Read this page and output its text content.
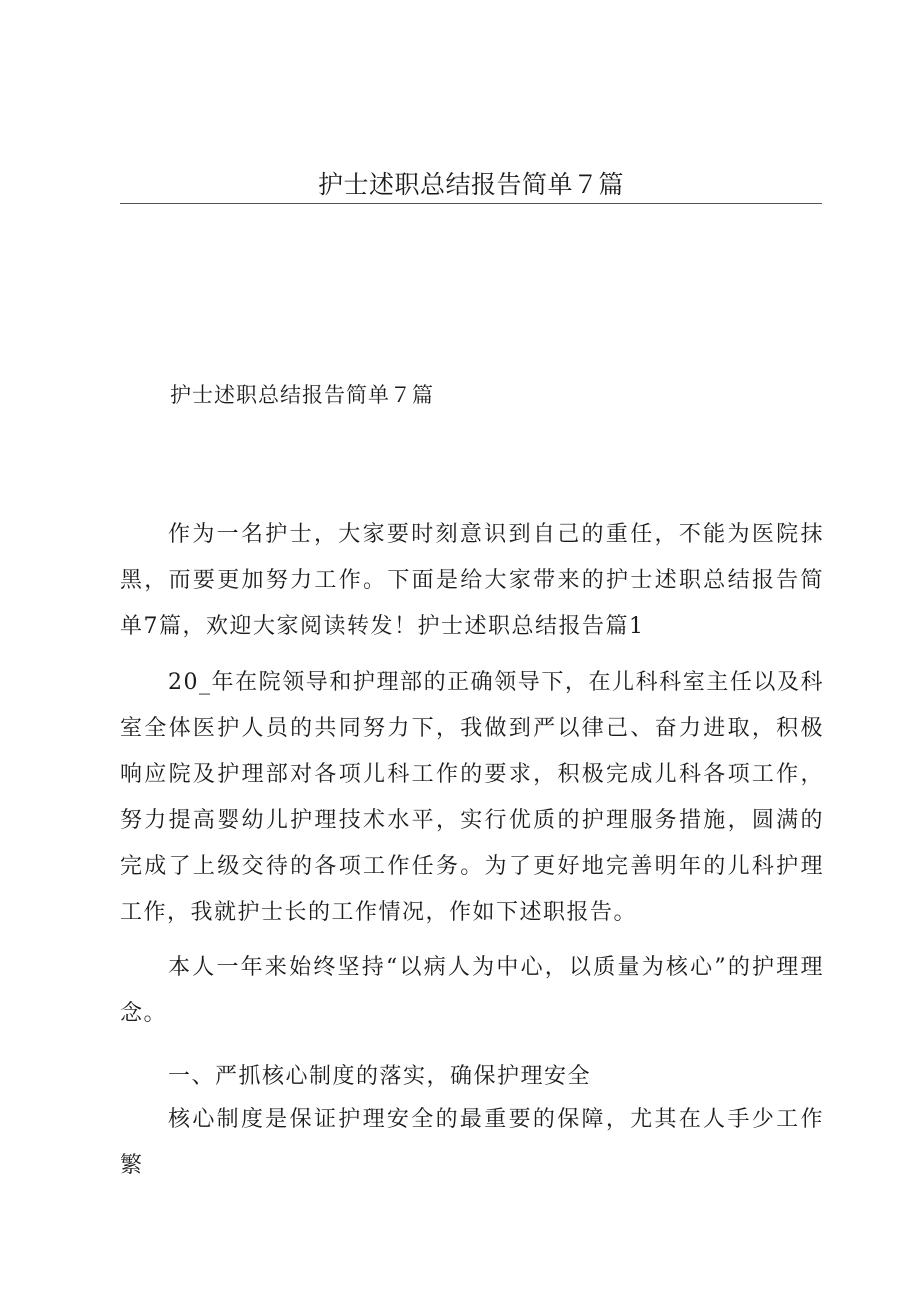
护士述职总结报告简单７篇
护士述职总结报告简单７篇

作为一名护士，大家要时刻意识到自己的重任，不能为医院抹黑，而要更加努力工作。下面是给大家带来的护士述职总结报告简单7篇，欢迎大家阅读转发！护士述职总结报告篇1

20_年在院领导和护理部的正确领导下，在儿科科室主任以及科室全体医护人员的共同努力下，我做到严以律己、奋力进取，积极响应院及护理部对各项儿科工作的要求，积极完成儿科各项工作，努力提高婴幼儿护理技术水平，实行优质的护理服务措施，圆满的完成了上级交待的各项工作任务。为了更好地完善明年的儿科护理工作，我就护士长的工作情况，作如下述职报告。

本人一年来始终坚持“以病人为中心，以质量为核心”的护理理念。

一、严抓核心制度的落实，确保护理安全

核心制度是保证护理安全的最重要的保障，尤其在人手少工作繁
